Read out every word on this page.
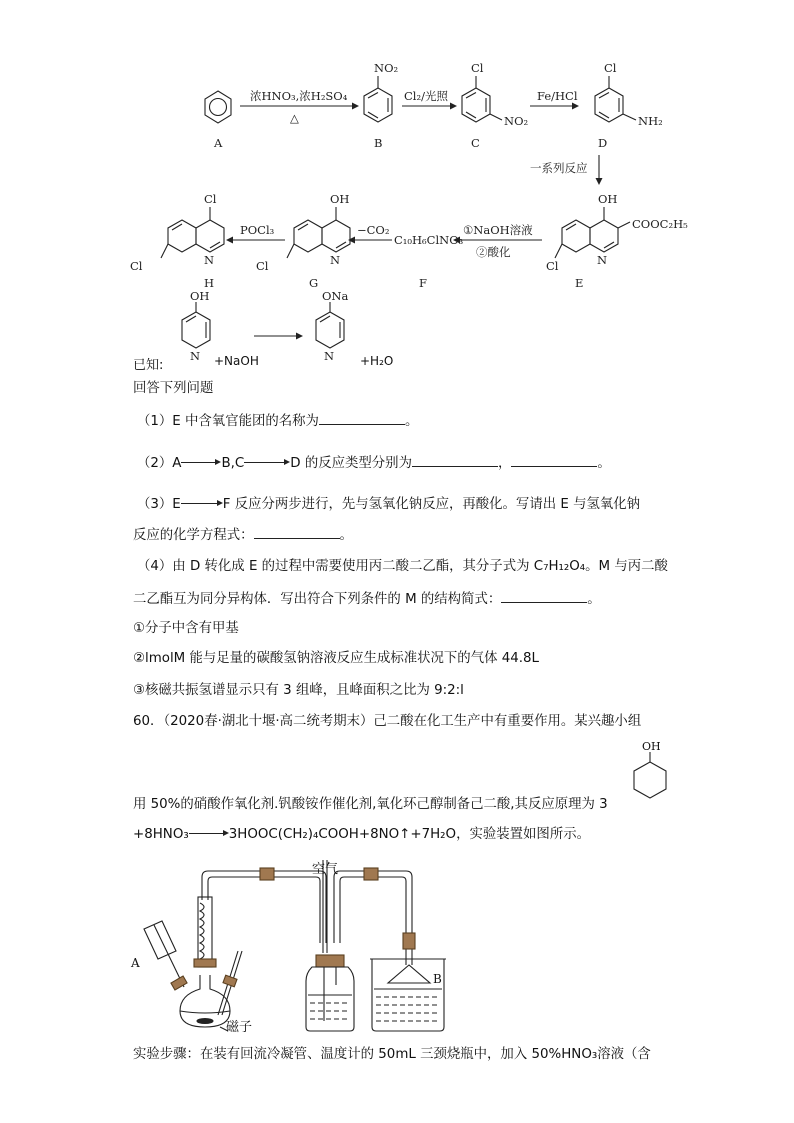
A
浓HNO₃,浓H₂SO₄
△
NO₂
B
Cl₂/光照
Cl
NO₂
C
Fe/HCl
Cl
NH₂
D
一系列反应
OH
COOC₂H₅
Cl	N
E
①NaOH溶液
②酸化
C₁₀H₆ClNO₃
F
−CO₂
OH
Cl	N
G
POCl₃
Cl
Cl	N
H
OH
N
ONa
N
已知:	+NaOH	+H₂O
回答下列问题
（1）E 中含氧官能团的名称为	。
（2）A	B,C	D 的反应类型分别为	，	。
（3）E	F 反应分两步进行，先与氢氧化钠反应，再酸化。写请出 E 与氢氧化钠
反应的化学方程式：	。
（4）由 D 转化成 E 的过程中需要使用丙二酸二乙酯，其分子式为 C₇H₁₂O₄。M 与丙二酸
二乙酯互为同分异构体．写出符合下列条件的 M 的结构简式：	。
①分子中含有甲基
②lmolM 能与足量的碳酸氢钠溶液反应生成标准状况下的气体 44.8L
③核磁共振氢谱显示只有 3 组峰，且峰面积之比为 9:2:l
60．（2020春·湖北十堰·高二统考期末）己二酸在化工生产中有重要作用。某兴趣小组
OH
用 50%的硝酸作氧化剂.钒酸铵作催化剂,氧化环己醇制备己二酸,其反应原理为 3
+8HNO₃	3HOOC(CH₂)₄COOH+8NO↑+7H₂O，实验装置如图所示。
空气
A
B
磁子
实验步骤：在装有回流冷凝管、温度计的 50mL 三颈烧瓶中，加入 50%HNO₃溶液（含
